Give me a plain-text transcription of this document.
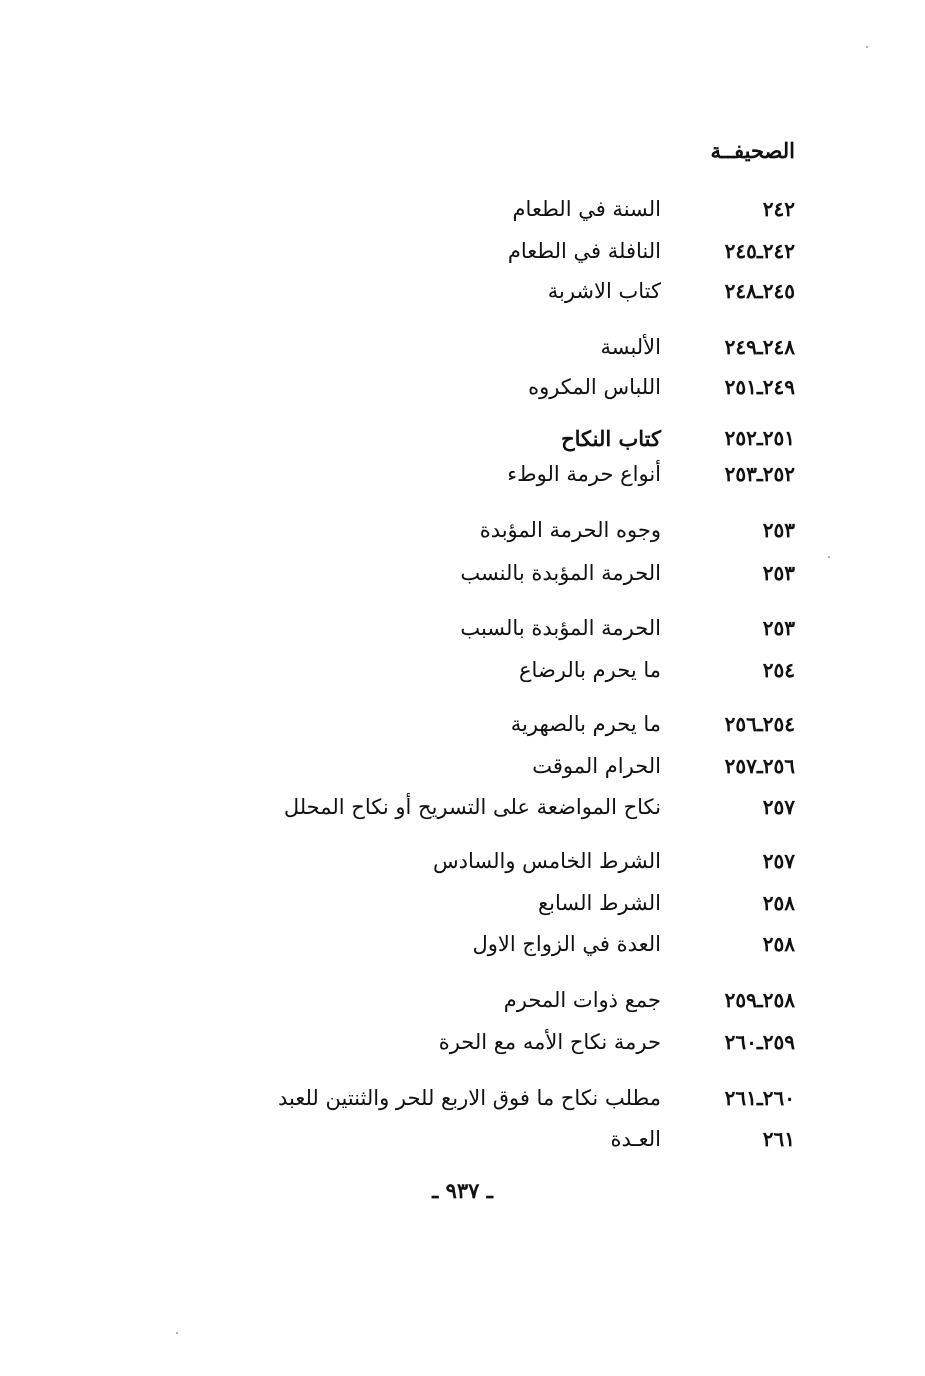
الصحيفــة
٢٤٢
السنة في الطعام
٢٤٢ـ٢٤٥
النافلة في الطعام
٢٤٥ـ٢٤٨
كتاب الاشربة
٢٤٨ـ٢٤٩
الألبسة
٢٤٩ـ٢٥١
اللباس المكروه
٢٥١ـ٢٥٢
كتاب النكاح
٢٥٢ـ٢٥٣
أنواع حرمة الوطء
٢٥٣
وجوه الحرمة المؤبدة
٢٥٣
الحرمة المؤبدة بالنسب
٢٥٣
الحرمة المؤبدة بالسبب
٢٥٤
ما يحرم بالرضاع
٢٥٤ـ٢٥٦
ما يحرم بالصهرية
٢٥٦ـ٢٥٧
الحرام الموقت
٢٥٧
نكاح المواضعة على التسريح أو نكاح المحلل
٢٥٧
الشرط الخامس والسادس
٢٥٨
الشرط السابع
٢٥٨
العدة في الزواج الاول
٢٥٨ـ٢٥٩
جمع ذوات المحرم
٢٥٩ـ٢٦٠
حرمة نكاح الأمه مع الحرة
٢٦٠ـ٢٦١
مطلب نكاح ما فوق الاربع للحر والثنتين للعبد
٢٦١
العـدة
ـ ٩٣٧ ـ
